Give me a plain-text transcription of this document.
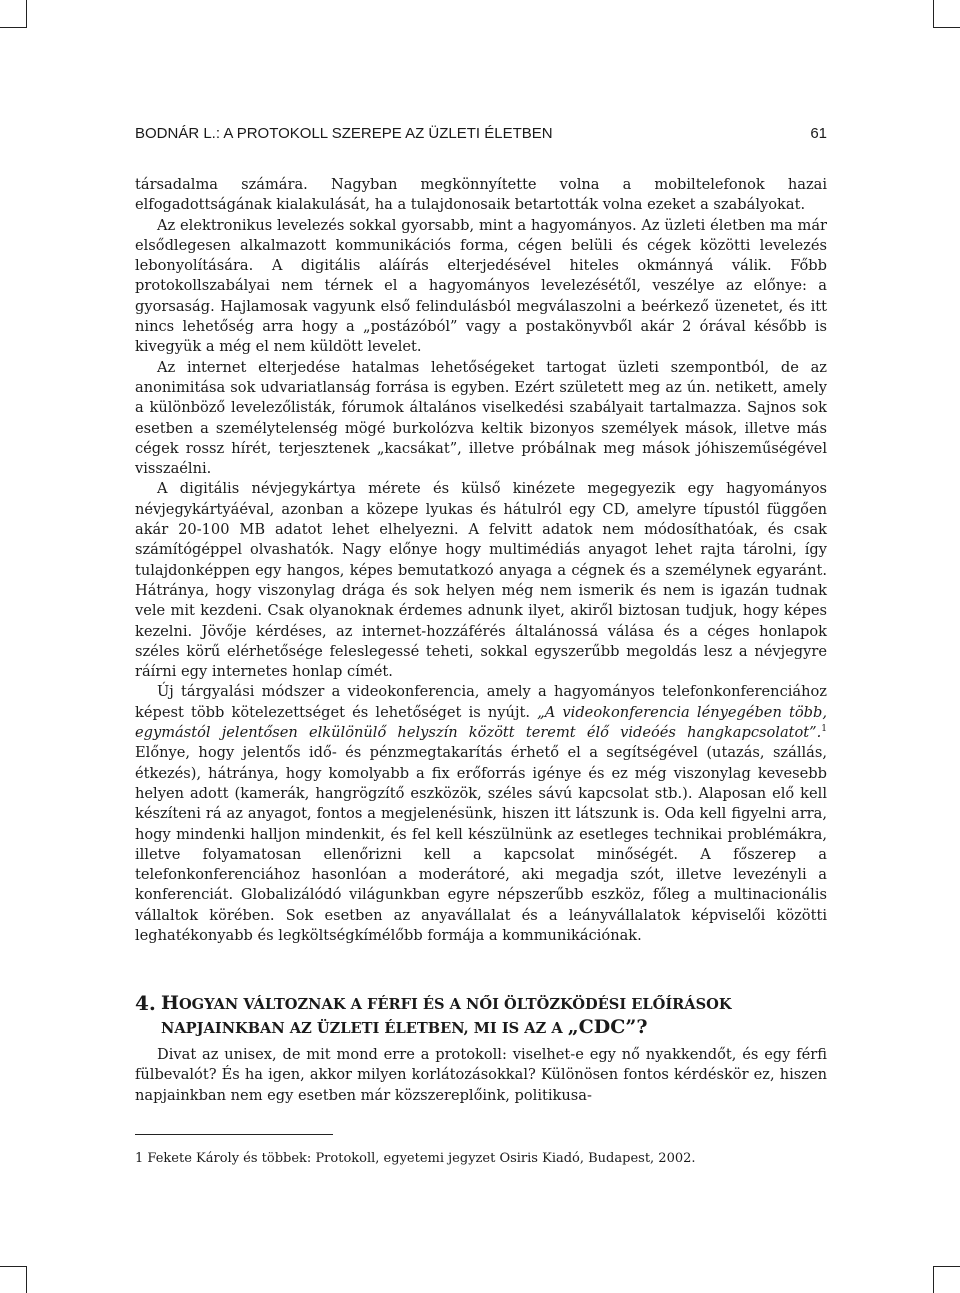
BODNÁR L.: A PROTOKOLL SZEREPE AZ ÜZLETI ÉLETBEN	61

társadalma számára. Nagyban megkönnyítette volna a mobiltelefonok hazai elfogadottságának kialakulását, ha a tulajdonosaik betartották volna ezeket a szabályokat.

Az elektronikus levelezés sokkal gyorsabb, mint a hagyományos. Az üzleti életben ma már elsődlegesen alkalmazott kommunikációs forma, cégen belüli és cégek közötti levelezés lebonyolítására. A digitális aláírás elterjedésével hiteles okmánnyá válik. Főbb protokollszabályai nem térnek el a hagyományos levelezésétől, veszélye az előnye: a gyorsaság. Hajlamosak vagyunk első felindulásból megválaszolni a beérkező üzenetet, és itt nincs lehetőség arra hogy a „postázóból” vagy a postakönyvből akár 2 órával később is kivegyük a még el nem küldött levelet.

Az internet elterjedése hatalmas lehetőségeket tartogat üzleti szempontból, de az anonimitása sok udvariatlanság forrása is egyben. Ezért született meg az ún. netikett, amely a különböző levelezőlisták, fórumok általános viselkedési szabályait tartalmazza. Sajnos sok esetben a személytelenség mögé burkolózva keltik bizonyos személyek mások, illetve más cégek rossz hírét, terjesztenek „kacsákat”, illetve próbálnak meg mások jóhiszeműségével visszaélni.

A digitális névjegykártya mérete és külső kinézete megegyezik egy hagyományos névjegykártyáéval, azonban a közepe lyukas és hátulról egy CD, amelyre típustól függően akár 20-100 MB adatot lehet elhelyezni. A felvitt adatok nem módosíthatóak, és csak számítógéppel olvashatók. Nagy előnye hogy multimédiás anyagot lehet rajta tárolni, így tulajdonképpen egy hangos, képes bemutatkozó anyaga a cégnek és a személynek egyaránt. Hátránya, hogy viszonylag drága és sok helyen még nem ismerik és nem is igazán tudnak vele mit kezdeni. Csak olyanoknak érdemes adnunk ilyet, akiről biztosan tudjuk, hogy képes kezelni. Jövője kérdéses, az internet-hozzáférés általánossá válása és a céges honlapok széles körű elérhetősége feleslegessé teheti, sokkal egyszerűbb megoldás lesz a névjegyre ráírni egy internetes honlap címét.

Új tárgyalási módszer a videokonferencia, amely a hagyományos telefonkonferenciához képest több kötelezettséget és lehetőséget is nyújt. „A videokonferencia lényegében több, egymástól jelentősen elkülönülő helyszín között teremt élő videóés hangkapcsolatot”.$^1$ Előnye, hogy jelentős idő- és pénzmegtakarítás érhető el a segítségével (utazás, szállás, étkezés), hátránya, hogy komolyabb a fix erőforrás igénye és ez még viszonylag kevesebb helyen adott (kamerák, hangrögzítő eszközök, széles sávú kapcsolat stb.). Alaposan elő kell készíteni rá az anyagot, fontos a megjelenésünk, hiszen itt látszunk is. Oda kell figyelni arra, hogy mindenki halljon mindenkit, és fel kell készülnünk az esetleges technikai problémákra, illetve folyamatosan ellenőrizni kell a kapcsolat minőségét. A főszerep a telefonkonferenciához hasonlóan a moderátoré, aki megadja szót, illetve levezényli a konferenciát. Globalizálódó világunkban egyre népszerűbb eszköz, főleg a multinacionális vállaltok körében. Sok esetben az anyavállalat és a leányvállalatok képviselői közötti leghatékonyabb és legköltségkímélőbb formája a kommunikációnak.

4. HOGYAN VÁLTOZNAK A FÉRFI ÉS A NŐI ÖLTÖZKÖDÉSI ELŐÍRÁSOK
NAPJAINKBAN AZ ÜZLETI ÉLETBEN, MI IS AZ A „CDC”?

Divat az unisex, de mit mond erre a protokoll: viselhet-e egy nő nyakkendőt, és egy férfi fülbevalót? És ha igen, akkor milyen korlátozásokkal? Különösen fontos kérdéskör ez, hiszen napjainkban nem egy esetben már közszereplőink, politikusa-

1 Fekete Károly és többek: Protokoll, egyetemi jegyzet Osiris Kiadó, Budapest, 2002.
